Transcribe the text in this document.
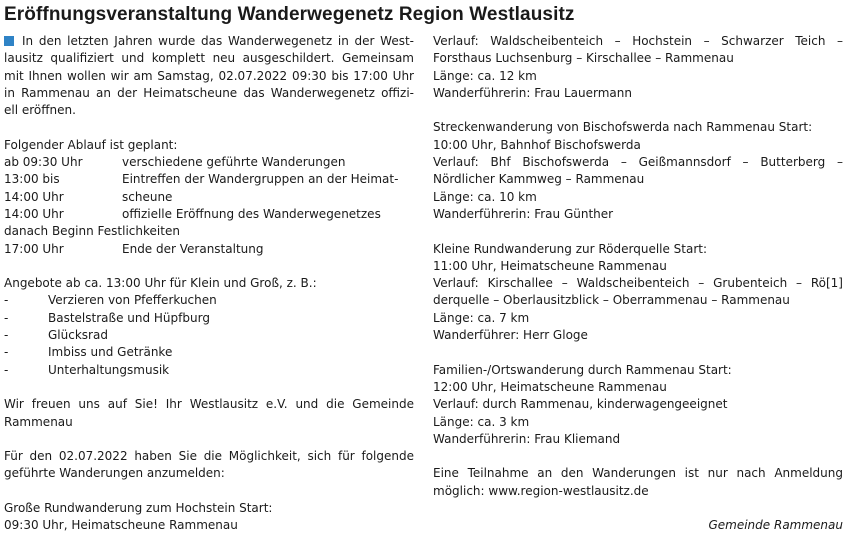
Eröffnungsveranstaltung Wanderwegenetz Region Westlausitz

In den letzten Jahren wurde das Wanderwegenetz in der West-

lausitz qualifiziert und komplett neu ausgeschildert. Gemeinsam

mit Ihnen wollen wir am Samstag, 02.07.2022 09:30 bis 17:00 Uhr

in Rammenau an der Heimatscheune das Wanderwegenetz offizi-

ell eröffnen.

Folgender Ablauf ist geplant:

ab 09:30 Uhr	verschiedene geführte Wanderungen
13:00 bis	Eintreffen der Wandergruppen an der Heimat-
14:00 Uhr	scheune
14:00 Uhr	offizielle Eröffnung des Wanderwegenetzes
danach Beginn Festlichkeiten
17:00 Uhr	Ende der Veranstaltung

Angebote ab ca. 13:00 Uhr für Klein und Groß, z. B.:

-	Verzieren von Pfefferkuchen
-	Bastelstraße und Hüpfburg
-	Glücksrad
-	Imbiss und Getränke
-	Unterhaltungsmusik

Wir freuen uns auf Sie! Ihr Westlausitz e.V. und die Gemeinde

Rammenau

Für den 02.07.2022 haben Sie die Möglichkeit, sich für folgende

geführte Wanderungen anzumelden:

Große Rundwanderung zum Hochstein Start:

09:30 Uhr, Heimatscheune Rammenau

Verlauf: Waldscheibenteich – Hochstein – Schwarzer Teich –

Forsthaus Luchsenburg – Kirschallee – Rammenau

Länge: ca. 12 km

Wanderführerin: Frau Lauermann

Streckenwanderung von Bischofswerda nach Rammenau Start:

10:00 Uhr, Bahnhof Bischofswerda

Verlauf: Bhf Bischofswerda – Geißmannsdorf – Butterberg –

Nördlicher Kammweg – Rammenau

Länge: ca. 10 km

Wanderführerin: Frau Günther

Kleine Rundwanderung zur Röderquelle Start:

11:00 Uhr, Heimatscheune Rammenau

Verlauf: Kirschallee – Waldscheibenteich – Grubenteich – Rö[1]

derquelle – Oberlausitzblick – Oberrammenau – Rammenau

Länge: ca. 7 km

Wanderführer: Herr Gloge

Familien-/Ortswanderung durch Rammenau Start:

12:00 Uhr, Heimatscheune Rammenau

Verlauf: durch Rammenau, kinderwagengeeignet

Länge: ca. 3 km

Wanderführerin: Frau Kliemand

Eine Teilnahme an den Wanderungen ist nur nach Anmeldung

möglich: www.region-westlausitz.de

Gemeinde Rammenau
